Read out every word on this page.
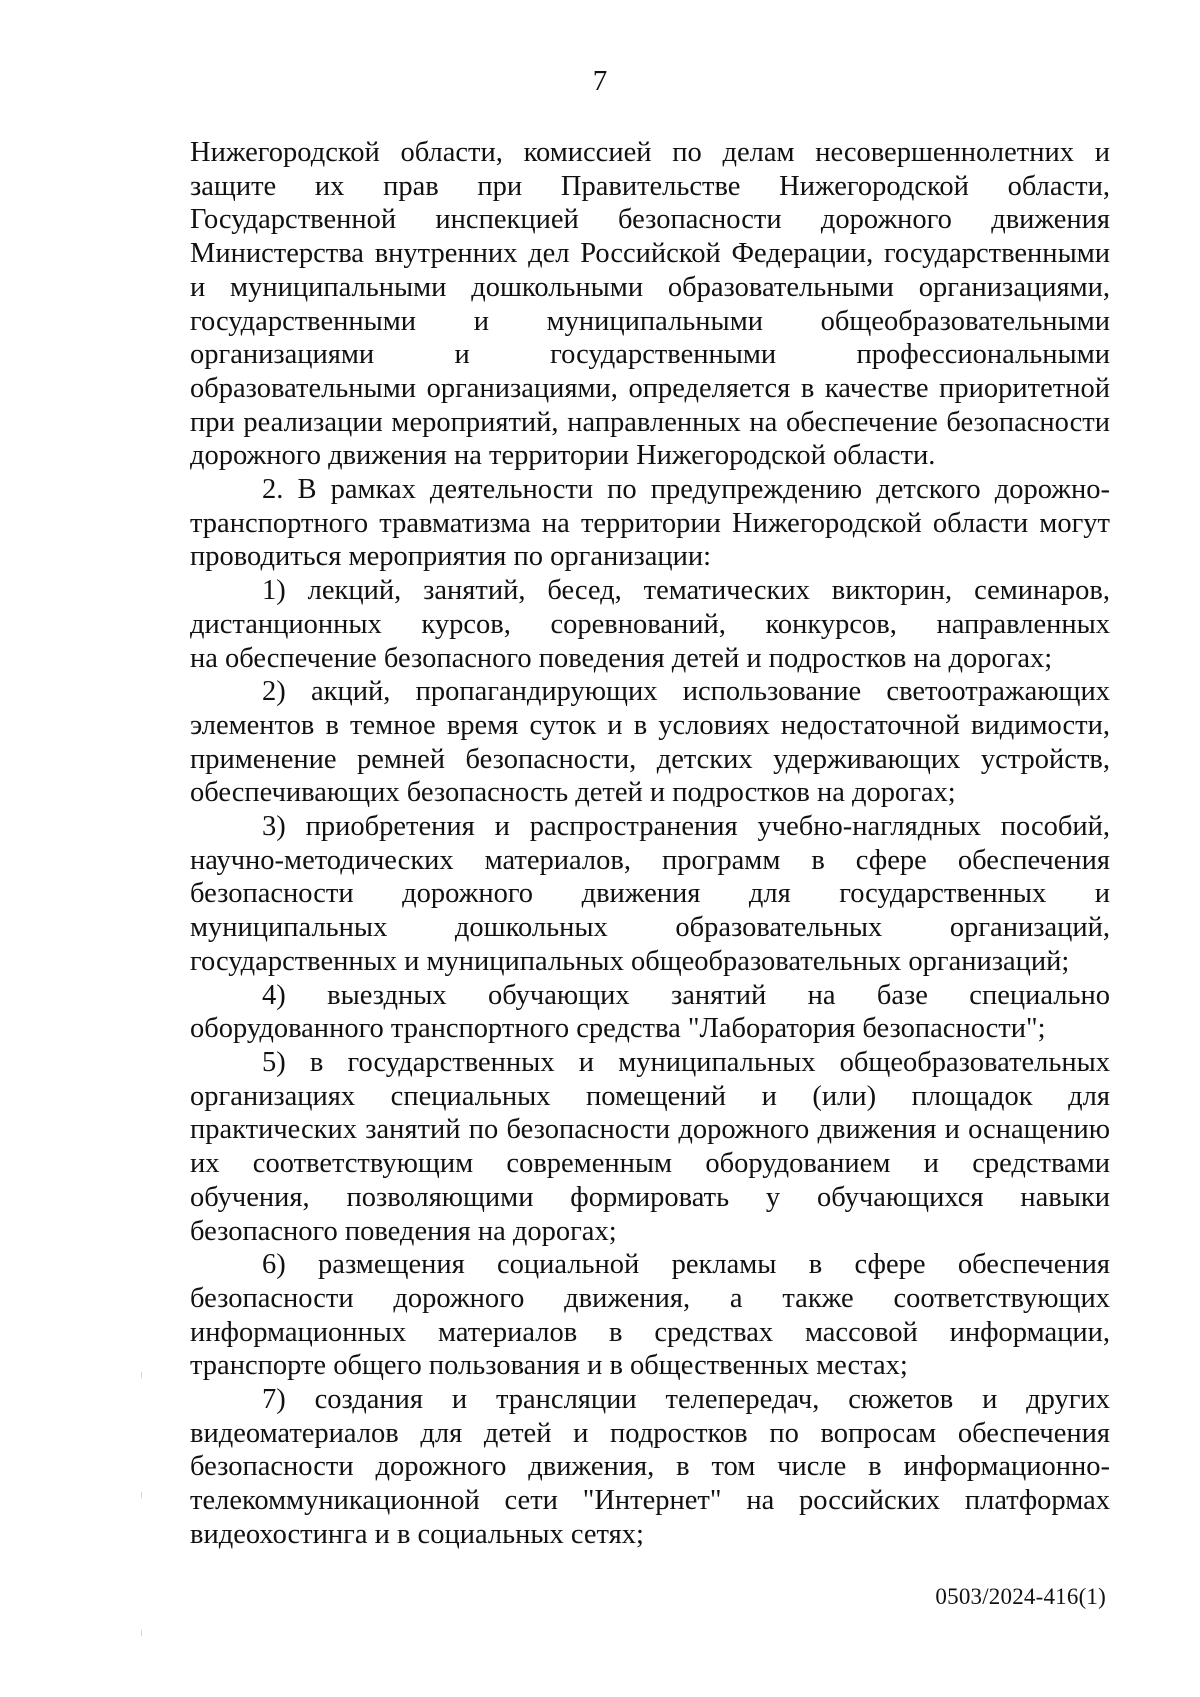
7
Нижегородской области, комиссией по делам несовершеннолетних и
защите их прав при Правительстве Нижегородской области,
Государственной инспекцией безопасности дорожного движения
Министерства внутренних дел Российской Федерации, государственными
и муниципальными дошкольными образовательными организациями,
государственными и муниципальными общеобразовательными
организациями и государственными профессиональными
образовательными организациями, определяется в качестве приоритетной
при реализации мероприятий, направленных на обеспечение безопасности
дорожного движения на территории Нижегородской области.
2. В рамках деятельности по предупреждению детского дорожно-
транспортного травматизма на территории Нижегородской области могут
проводиться мероприятия по организации:
1) лекций, занятий, бесед, тематических викторин, семинаров,
дистанционных курсов, соревнований, конкурсов, направленных
на обеспечение безопасного поведения детей и подростков на дорогах;
2) акций, пропагандирующих использование светоотражающих
элементов в темное время суток и в условиях недостаточной видимости,
применение ремней безопасности, детских удерживающих устройств,
обеспечивающих безопасность детей и подростков на дорогах;
3) приобретения и распространения учебно-наглядных пособий,
научно-методических материалов, программ в сфере обеспечения
безопасности дорожного движения для государственных и
муниципальных дошкольных образовательных организаций,
государственных и муниципальных общеобразовательных организаций;
4) выездных обучающих занятий на базе специально
оборудованного транспортного средства "Лаборатория безопасности";
5) в государственных и муниципальных общеобразовательных
организациях специальных помещений и (или) площадок для
практических занятий по безопасности дорожного движения и оснащению
их соответствующим современным оборудованием и средствами
обучения, позволяющими формировать у обучающихся навыки
безопасного поведения на дорогах;
6) размещения социальной рекламы в сфере обеспечения
безопасности дорожного движения, а также соответствующих
информационных материалов в средствах массовой информации,
транспорте общего пользования и в общественных местах;
7) создания и трансляции телепередач, сюжетов и других
видеоматериалов для детей и подростков по вопросам обеспечения
безопасности дорожного движения, в том числе в информационно-
телекоммуникационной сети "Интернет" на российских платформах
видеохостинга и в социальных сетях;
0503/2024-416(1)
